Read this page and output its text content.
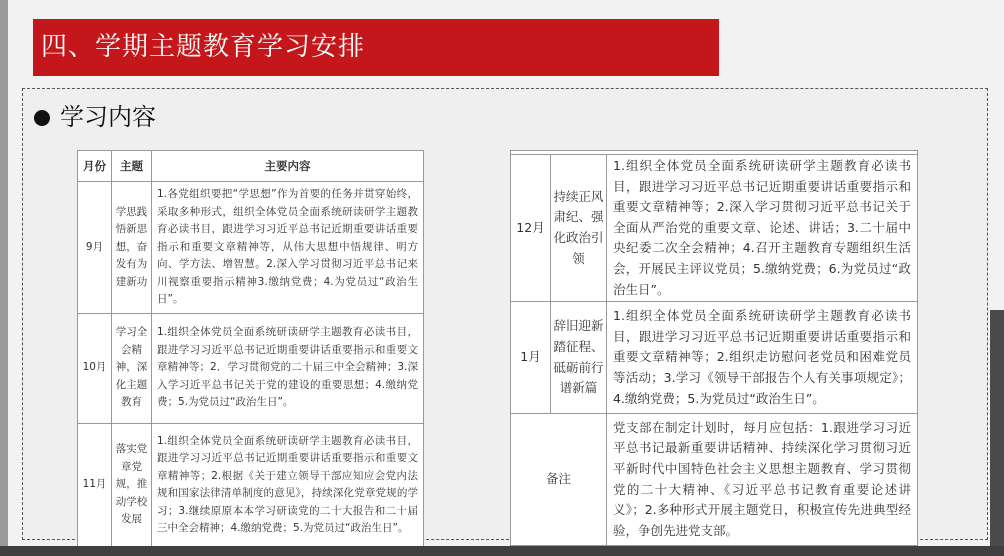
四、学期主题教育学习安排
学习内容
月份	主题	主要内容
9月	学思践悟新思想，奋发有为建新功	1.各党组织要把“学思想”作为首要的任务并贯穿始终，采取多种形式，组织全体党员全面系统研读研学主题教育必读书目，跟进学习习近平总书记近期重要讲话重要指示和重要文章精神等，从伟大思想中悟规律、明方向、学方法、增智慧。2.深入学习贯彻习近平总书记来川视察重要指示精神3.缴纳党费；4.为党员过“政治生日”。
10月	学习全会精神，深化主题教育	1.组织全体党员全面系统研读研学主题教育必读书目，跟进学习习近平总书记近期重要讲话重要指示和重要文章精神等；2．学习贯彻党的二十届三中全会精神；3.深入学习近平总书记关于党的建设的重要思想；4.缴纳党费；5.为党员过“政治生日”。
11月	落实党章党规，推动学校发展	1.组织全体党员全面系统研读研学主题教育必读书目，跟进学习习近平总书记近期重要讲话重要指示和重要文章精神等；2.根据《关于建立领导干部应知应会党内法规和国家法律清单制度的意见》，持续深化党章党规的学习；3.继续原原本本学习研读党的二十大报告和二十届三中全会精神；4.缴纳党费；5.为党员过“政治生日”。

12月	持续正风肃纪、强化政治引领	1.组织全体党员全面系统研读研学主题教育必读书目，跟进学习习近平总书记近期重要讲话重要指示和重要文章精神等；2.深入学习贯彻习近平总书记关于全面从严治党的重要文章、论述、讲话；3.二十届中央纪委二次全会精神；4.召开主题教育专题组织生活会，开展民主评议党员；5.缴纳党费；6.为党员过“政治生日”。
1月	辞旧迎新踏征程、砥砺前行谱新篇	1.组织全体党员全面系统研读研学主题教育必读书目，跟进学习习近平总书记近期重要讲话重要指示和重要文章精神等；2.组织走访慰问老党员和困难党员等活动；3.学习《领导干部报告个人有关事项规定》；4.缴纳党费；5.为党员过“政治生日”。
备注		党支部在制定计划时，每月应包括：1.跟进学习习近平总书记最新重要讲话精神、持续深化学习贯彻习近平新时代中国特色社会主义思想主题教育、学习贯彻党的二十大精神、《习近平总书记教育重要论述讲义》；2.多种形式开展主题党日，积极宣传先进典型经验，争创先进党支部。
